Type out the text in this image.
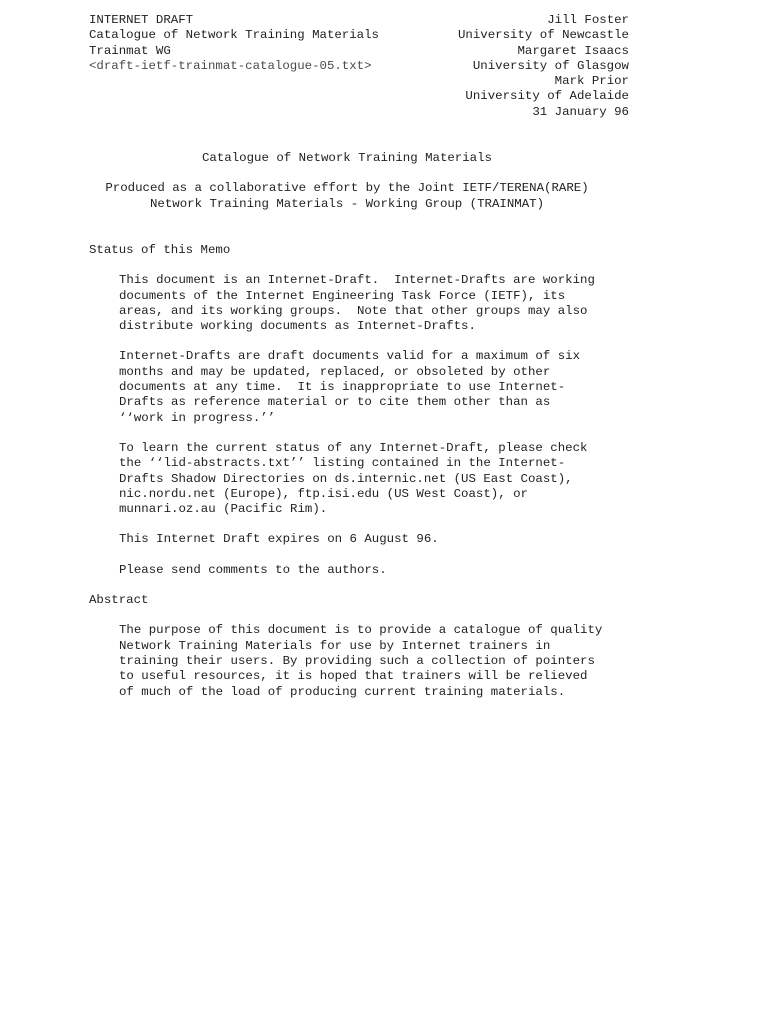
INTERNET DRAFT
Catalogue of Network Training Materials
Trainmat WG
<draft-ietf-trainmat-catalogue-05.txt>
Jill Foster
University of Newcastle
Margaret Isaacs
University of Glasgow
Mark Prior
University of Adelaide
31 January 96
Catalogue of Network Training Materials
Produced as a collaborative effort by the Joint IETF/TERENA(RARE)
Network Training Materials - Working Group (TRAINMAT)
Status of this Memo
This document is an Internet-Draft.  Internet-Drafts are working
documents of the Internet Engineering Task Force (IETF), its
areas, and its working groups.  Note that other groups may also
distribute working documents as Internet-Drafts.
Internet-Drafts are draft documents valid for a maximum of six
months and may be updated, replaced, or obsoleted by other
documents at any time.  It is inappropriate to use Internet-
Drafts as reference material or to cite them other than as
‘‘work in progress.’’
To learn the current status of any Internet-Draft, please check
the ‘‘lid-abstracts.txt’’ listing contained in the Internet-
Drafts Shadow Directories on ds.internic.net (US East Coast),
nic.nordu.net (Europe), ftp.isi.edu (US West Coast), or
munnari.oz.au (Pacific Rim).
This Internet Draft expires on 6 August 96.
Please send comments to the authors.
Abstract
The purpose of this document is to provide a catalogue of quality
Network Training Materials for use by Internet trainers in
training their users. By providing such a collection of pointers
to useful resources, it is hoped that trainers will be relieved
of much of the load of producing current training materials.
